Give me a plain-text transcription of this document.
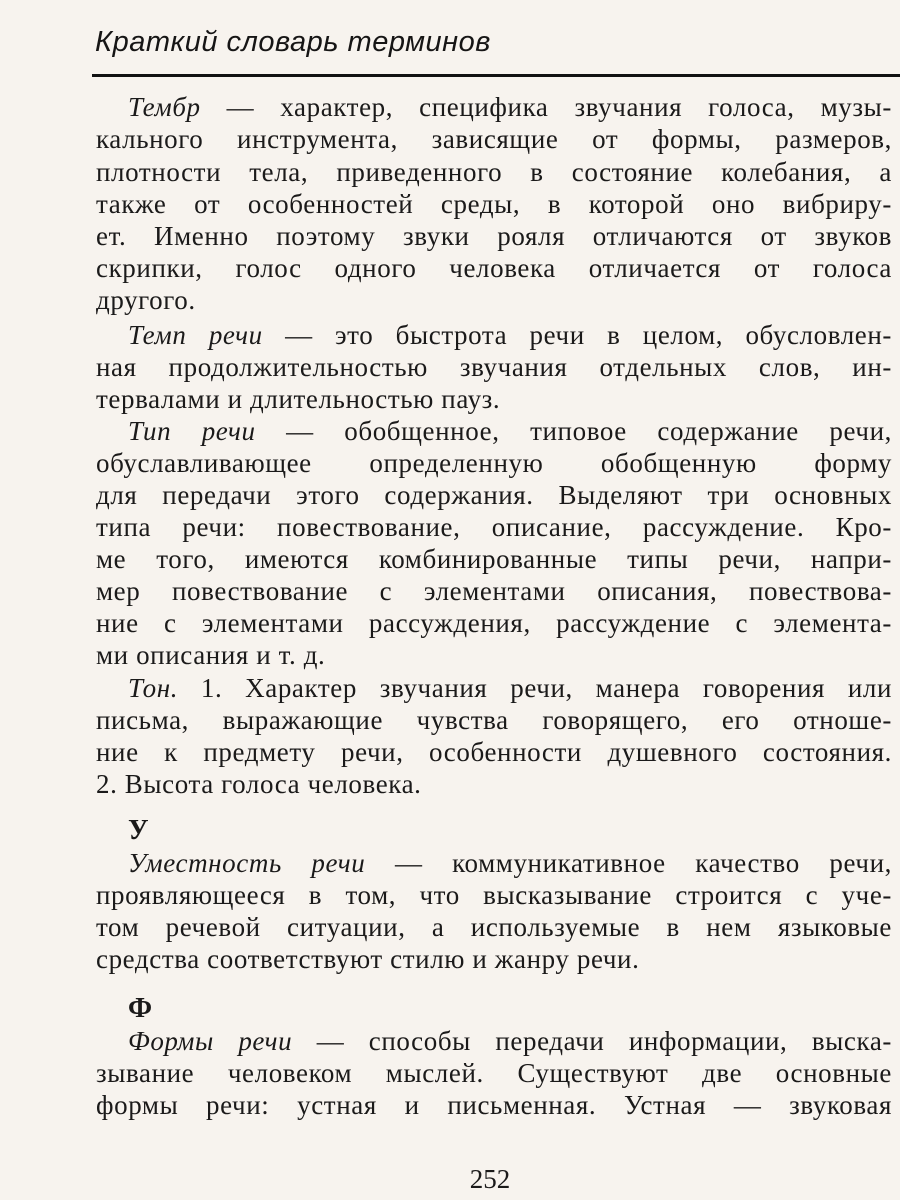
Краткий словарь терминов
Тембр — характер, специфика звучания голоса, музы-
кального инструмента, зависящие от формы, размеров,
плотности тела, приведенного в состояние колебания, а
также от особенностей среды, в которой оно вибриру-
ет. Именно поэтому звуки рояля отличаются от звуков
скрипки, голос одного человека отличается от голоса
другого.
Темп речи — это быстрота речи в целом, обусловлен-
ная продолжительностью звучания отдельных слов, ин-
тервалами и длительностью пауз.
Тип речи — обобщенное, типовое содержание речи,
обуславливающее определенную обобщенную форму
для передачи этого содержания. Выделяют три основных
типа речи: повествование, описание, рассуждение. Кро-
ме того, имеются комбинированные типы речи, напри-
мер повествование с элементами описания, повествова-
ние с элементами рассуждения, рассуждение с элемента-
ми описания и т. д.
Тон. 1. Характер звучания речи, манера говорения или
письма, выражающие чувства говорящего, его отноше-
ние к предмету речи, особенности душевного состояния.
2. Высота голоса человека.
У
Уместность речи — коммуникативное качество речи,
проявляющееся в том, что высказывание строится с уче-
том речевой ситуации, а используемые в нем языковые
средства соответствуют стилю и жанру речи.
Ф
Формы речи — способы передачи информации, выска-
зывание человеком мыслей. Существуют две основные
формы речи: устная и письменная. Устная — звуковая
252
